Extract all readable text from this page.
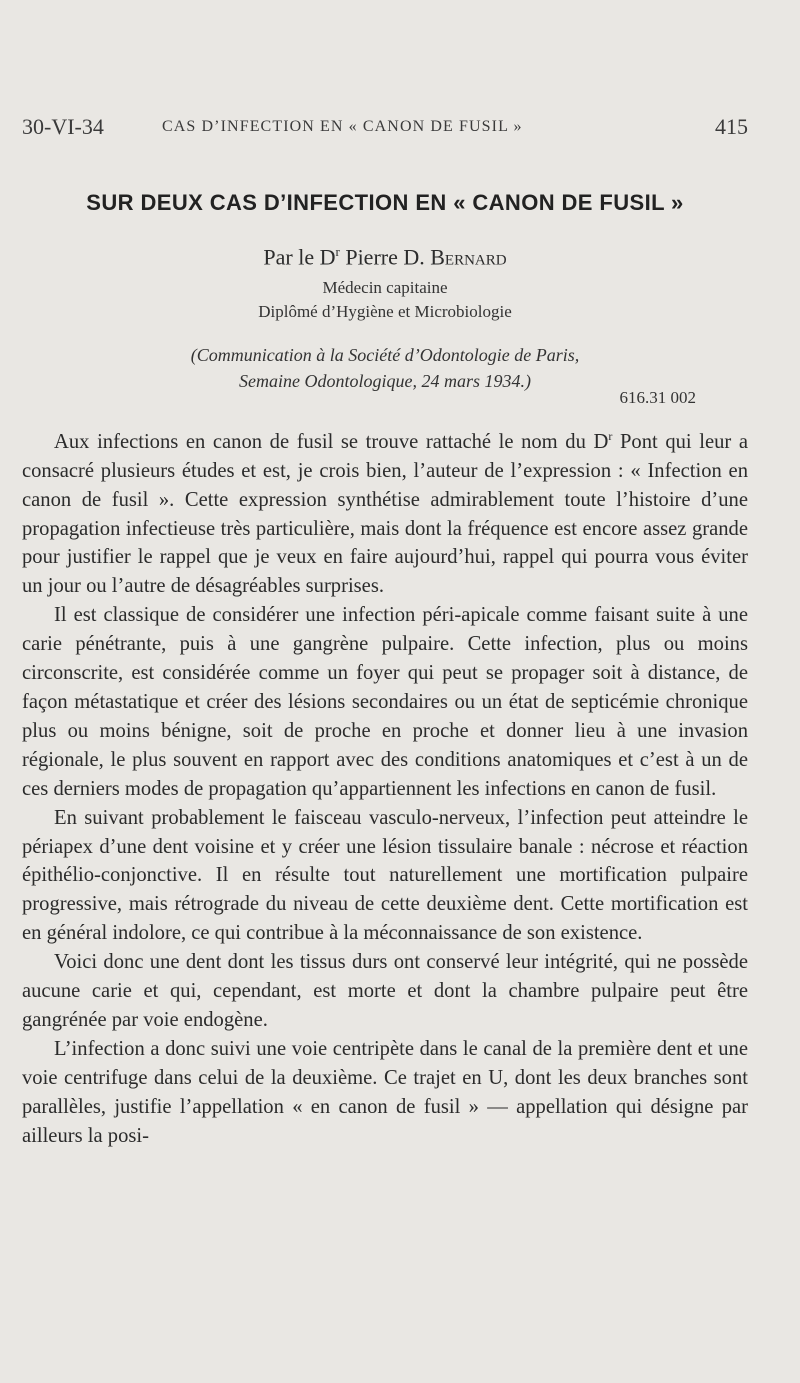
30-VI-34	CAS D’INFECTION EN « CANON DE FUSIL »	415
SUR DEUX CAS D’INFECTION EN « CANON DE FUSIL »
Par le $D^r$ Pierre D. Bernard
Médecin capitaine
Diplômé d’Hygiène et Microbiologie
(Communication à la Société d’Odontologie de Paris,
Semaine Odontologique, 24 mars 1934.)
616.31 002

Aux infections en canon de fusil se trouve rattaché le nom du $D^r$ Pont qui leur a consacré plusieurs études et est, je crois bien, l’auteur de l’expression : « Infection en canon de fusil ». Cette expression synthétise admirablement toute l’histoire d’une propagation infectieuse très particulière, mais dont la fréquence est encore assez grande pour justifier le rappel que je veux en faire aujourd’hui, rappel qui pourra vous éviter un jour ou l’autre de désagréables surprises.

Il est classique de considérer une infection péri-apicale comme faisant suite à une carie pénétrante, puis à une gangrène pulpaire. Cette infection, plus ou moins circonscrite, est considérée comme un foyer qui peut se propager soit à distance, de façon métastatique et créer des lésions secondaires ou un état de septicémie chronique plus ou moins bénigne, soit de proche en proche et donner lieu à une invasion régionale, le plus souvent en rapport avec des conditions anatomiques et c’est à un de ces derniers modes de propagation qu’appartiennent les infections en canon de fusil.

En suivant probablement le faisceau vasculo-nerveux, l’infection peut atteindre le périapex d’une dent voisine et y créer une lésion tissulaire banale : nécrose et réaction épithélio-conjonctive. Il en résulte tout naturellement une mortification pulpaire progressive, mais rétrograde du niveau de cette deuxième dent. Cette mortification est en général indolore, ce qui contribue à la méconnaissance de son existence.

Voici donc une dent dont les tissus durs ont conservé leur intégrité, qui ne possède aucune carie et qui, cependant, est morte et dont la chambre pulpaire peut être gangrénée par voie endogène.

L’infection a donc suivi une voie centripète dans le canal de la première dent et une voie centrifuge dans celui de la deuxième. Ce trajet en U, dont les deux branches sont parallèles, justifie l’appellation « en canon de fusil » — appellation qui désigne par ailleurs la posi-
